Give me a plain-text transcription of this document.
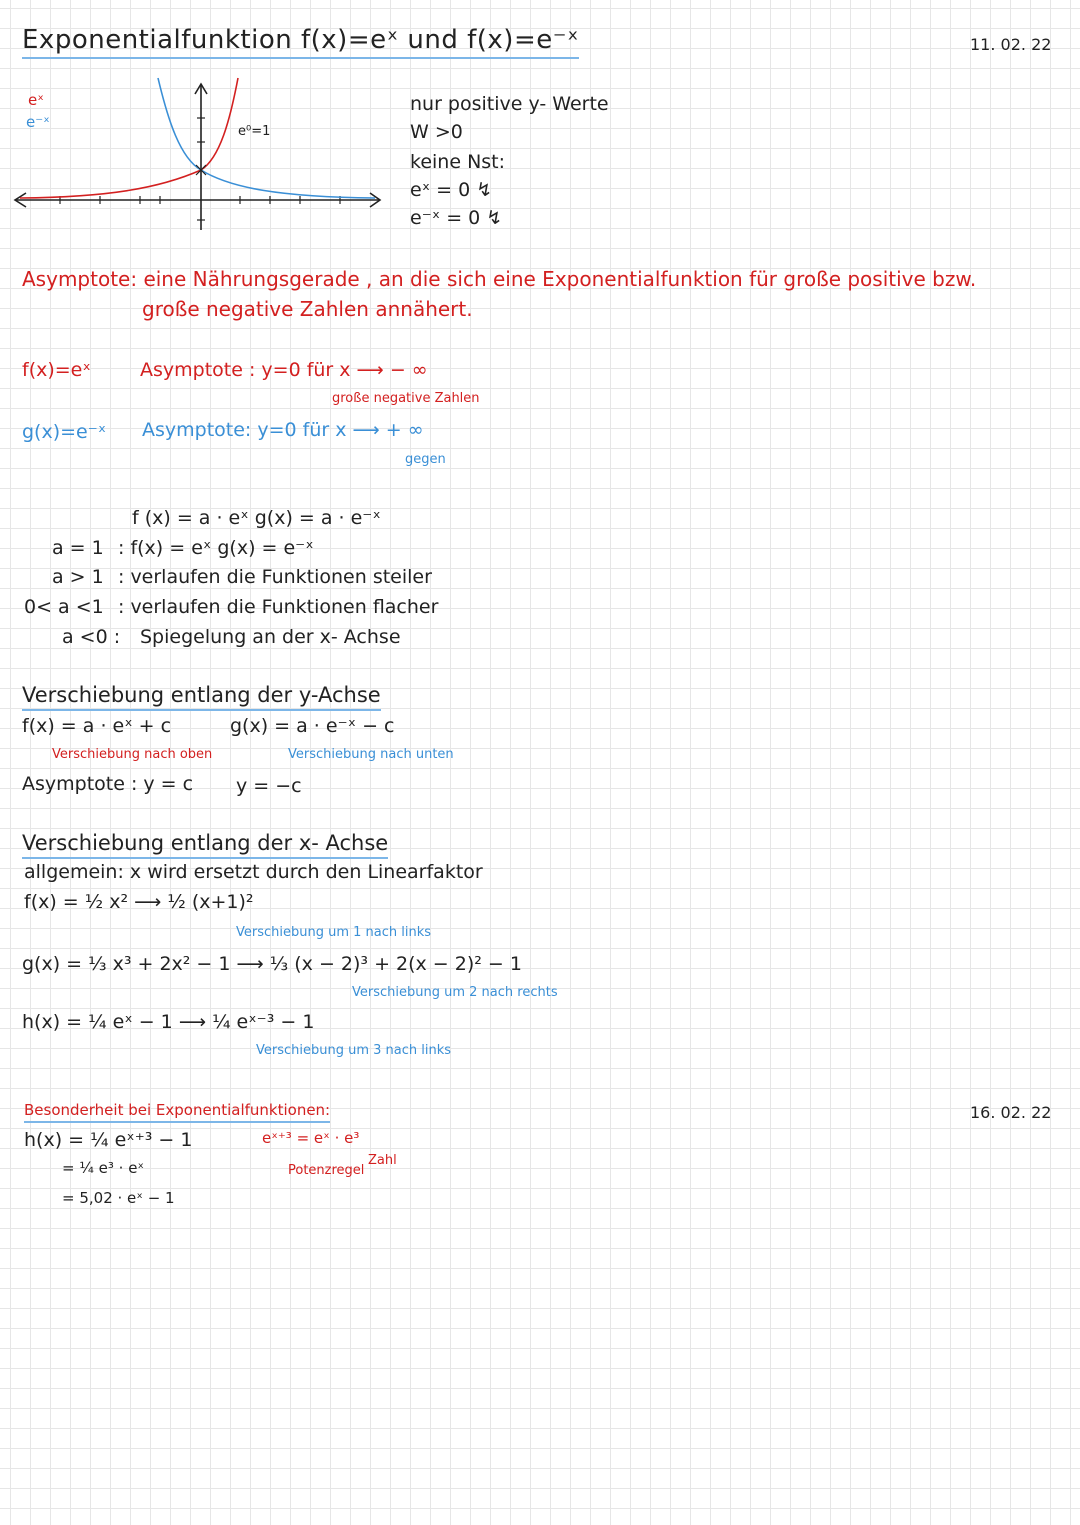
Exponentialfunktion f(x)=eˣ und f(x)=e⁻ˣ	11. 02. 22
eˣ
e⁻ˣ
e⁰=1
nur positive y- Werte
W >0
keine Nst:
eˣ = 0 ↯
e⁻ˣ = 0 ↯
Asymptote: eine Nährungsgerade , an die sich eine Exponentialfunktion für große positive bzw.
große negative Zahlen annähert.
f(x)=eˣ	Asymptote : y=0 für x ⟶ − ∞
große negative Zahlen
g(x)=e⁻ˣ Asymptote: y=0 für x ⟶ + ∞
gegen
f (x) = a · eˣ g(x) = a · e⁻ˣ
a = 1 : f(x) = eˣ g(x) = e⁻ˣ
a > 1 : verlaufen die Funktionen steiler
0< a <1 : verlaufen die Funktionen flacher
a <0 : Spiegelung an der x- Achse
Verschiebung entlang der y-Achse
f(x) = a · eˣ + c	g(x) = a · e⁻ˣ − c
Verschiebung nach oben	Verschiebung nach unten
Asymptote : y = c y = −c
Verschiebung entlang der x- Achse
allgemein: x wird ersetzt durch den Linearfaktor
f(x) = ½ x² ⟶ ½ (x+1)²
Verschiebung um 1 nach links
g(x) = ⅓ x³ + 2x² − 1 ⟶ ⅓ (x − 2)³ + 2(x − 2)² − 1
Verschiebung um 2 nach rechts
h(x) = ¼ eˣ − 1 ⟶ ¼ eˣ⁻³ − 1
Verschiebung um 3 nach links
Besonderheit bei Exponentialfunktionen:	16. 02. 22
h(x) = ¼ eˣ⁺³ − 1
= ¼ e³ · eˣ
= 5,02 · eˣ − 1
eˣ⁺³ = eˣ · e³
Potenzregel
Zahl
